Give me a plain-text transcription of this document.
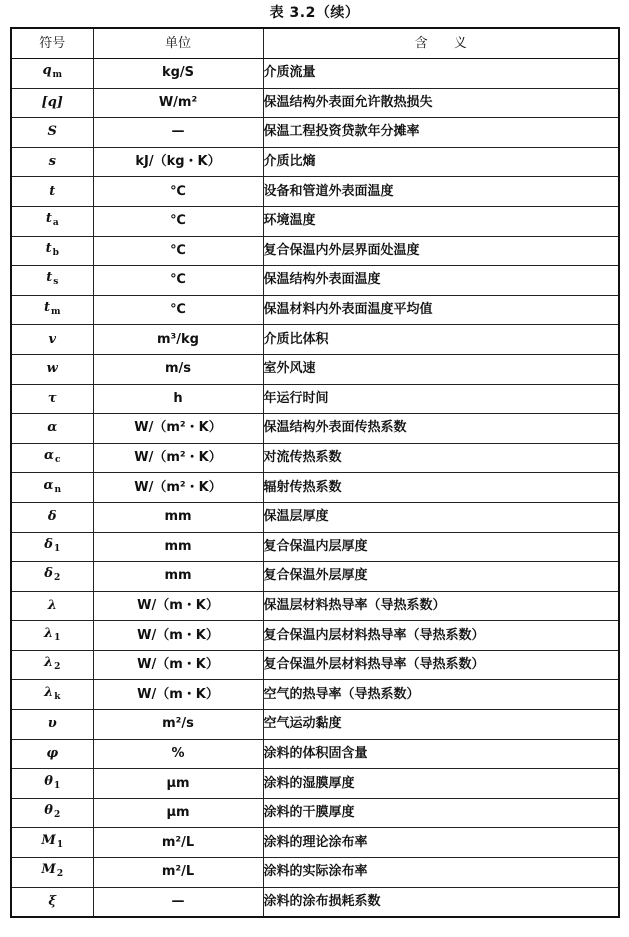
表 3.2（续）
符号	单位	含　　义
$q_m$	kg/S	介质流量
[q]	W/m²	保温结构外表面允许散热损失
S	—	保温工程投资贷款年分摊率
s	kJ/（kg・K）	介质比熵
t	℃	设备和管道外表面温度
$t_a$	℃	环境温度
$t_b$	℃	复合保温内外层界面处温度
$t_s$	℃	保温结构外表面温度
$t_m$	℃	保温材料内外表面温度平均值
v	m³/kg	介质比体积
w	m/s	室外风速
τ	h	年运行时间
α	W/（m²・K）	保温结构外表面传热系数
$\alpha_c$	W/（m²・K）	对流传热系数
$\alpha_n$	W/（m²・K）	辐射传热系数
δ	mm	保温层厚度
$\delta_1$	mm	复合保温内层厚度
$\delta_2$	mm	复合保温外层厚度
λ	W/（m・K）	保温层材料热导率（导热系数）
$\lambda_1$	W/（m・K）	复合保温内层材料热导率（导热系数）
$\lambda_2$	W/（m・K）	复合保温外层材料热导率（导热系数）
$\lambda_k$	W/（m・K）	空气的热导率（导热系数）
υ	m²/s	空气运动黏度
φ	%	涂料的体积固含量
$\theta_1$	μm	涂料的湿膜厚度
$\theta_2$	μm	涂料的干膜厚度
$M_1$	m²/L	涂料的理论涂布率
$M_2$	m²/L	涂料的实际涂布率
ξ	—	涂料的涂布损耗系数
